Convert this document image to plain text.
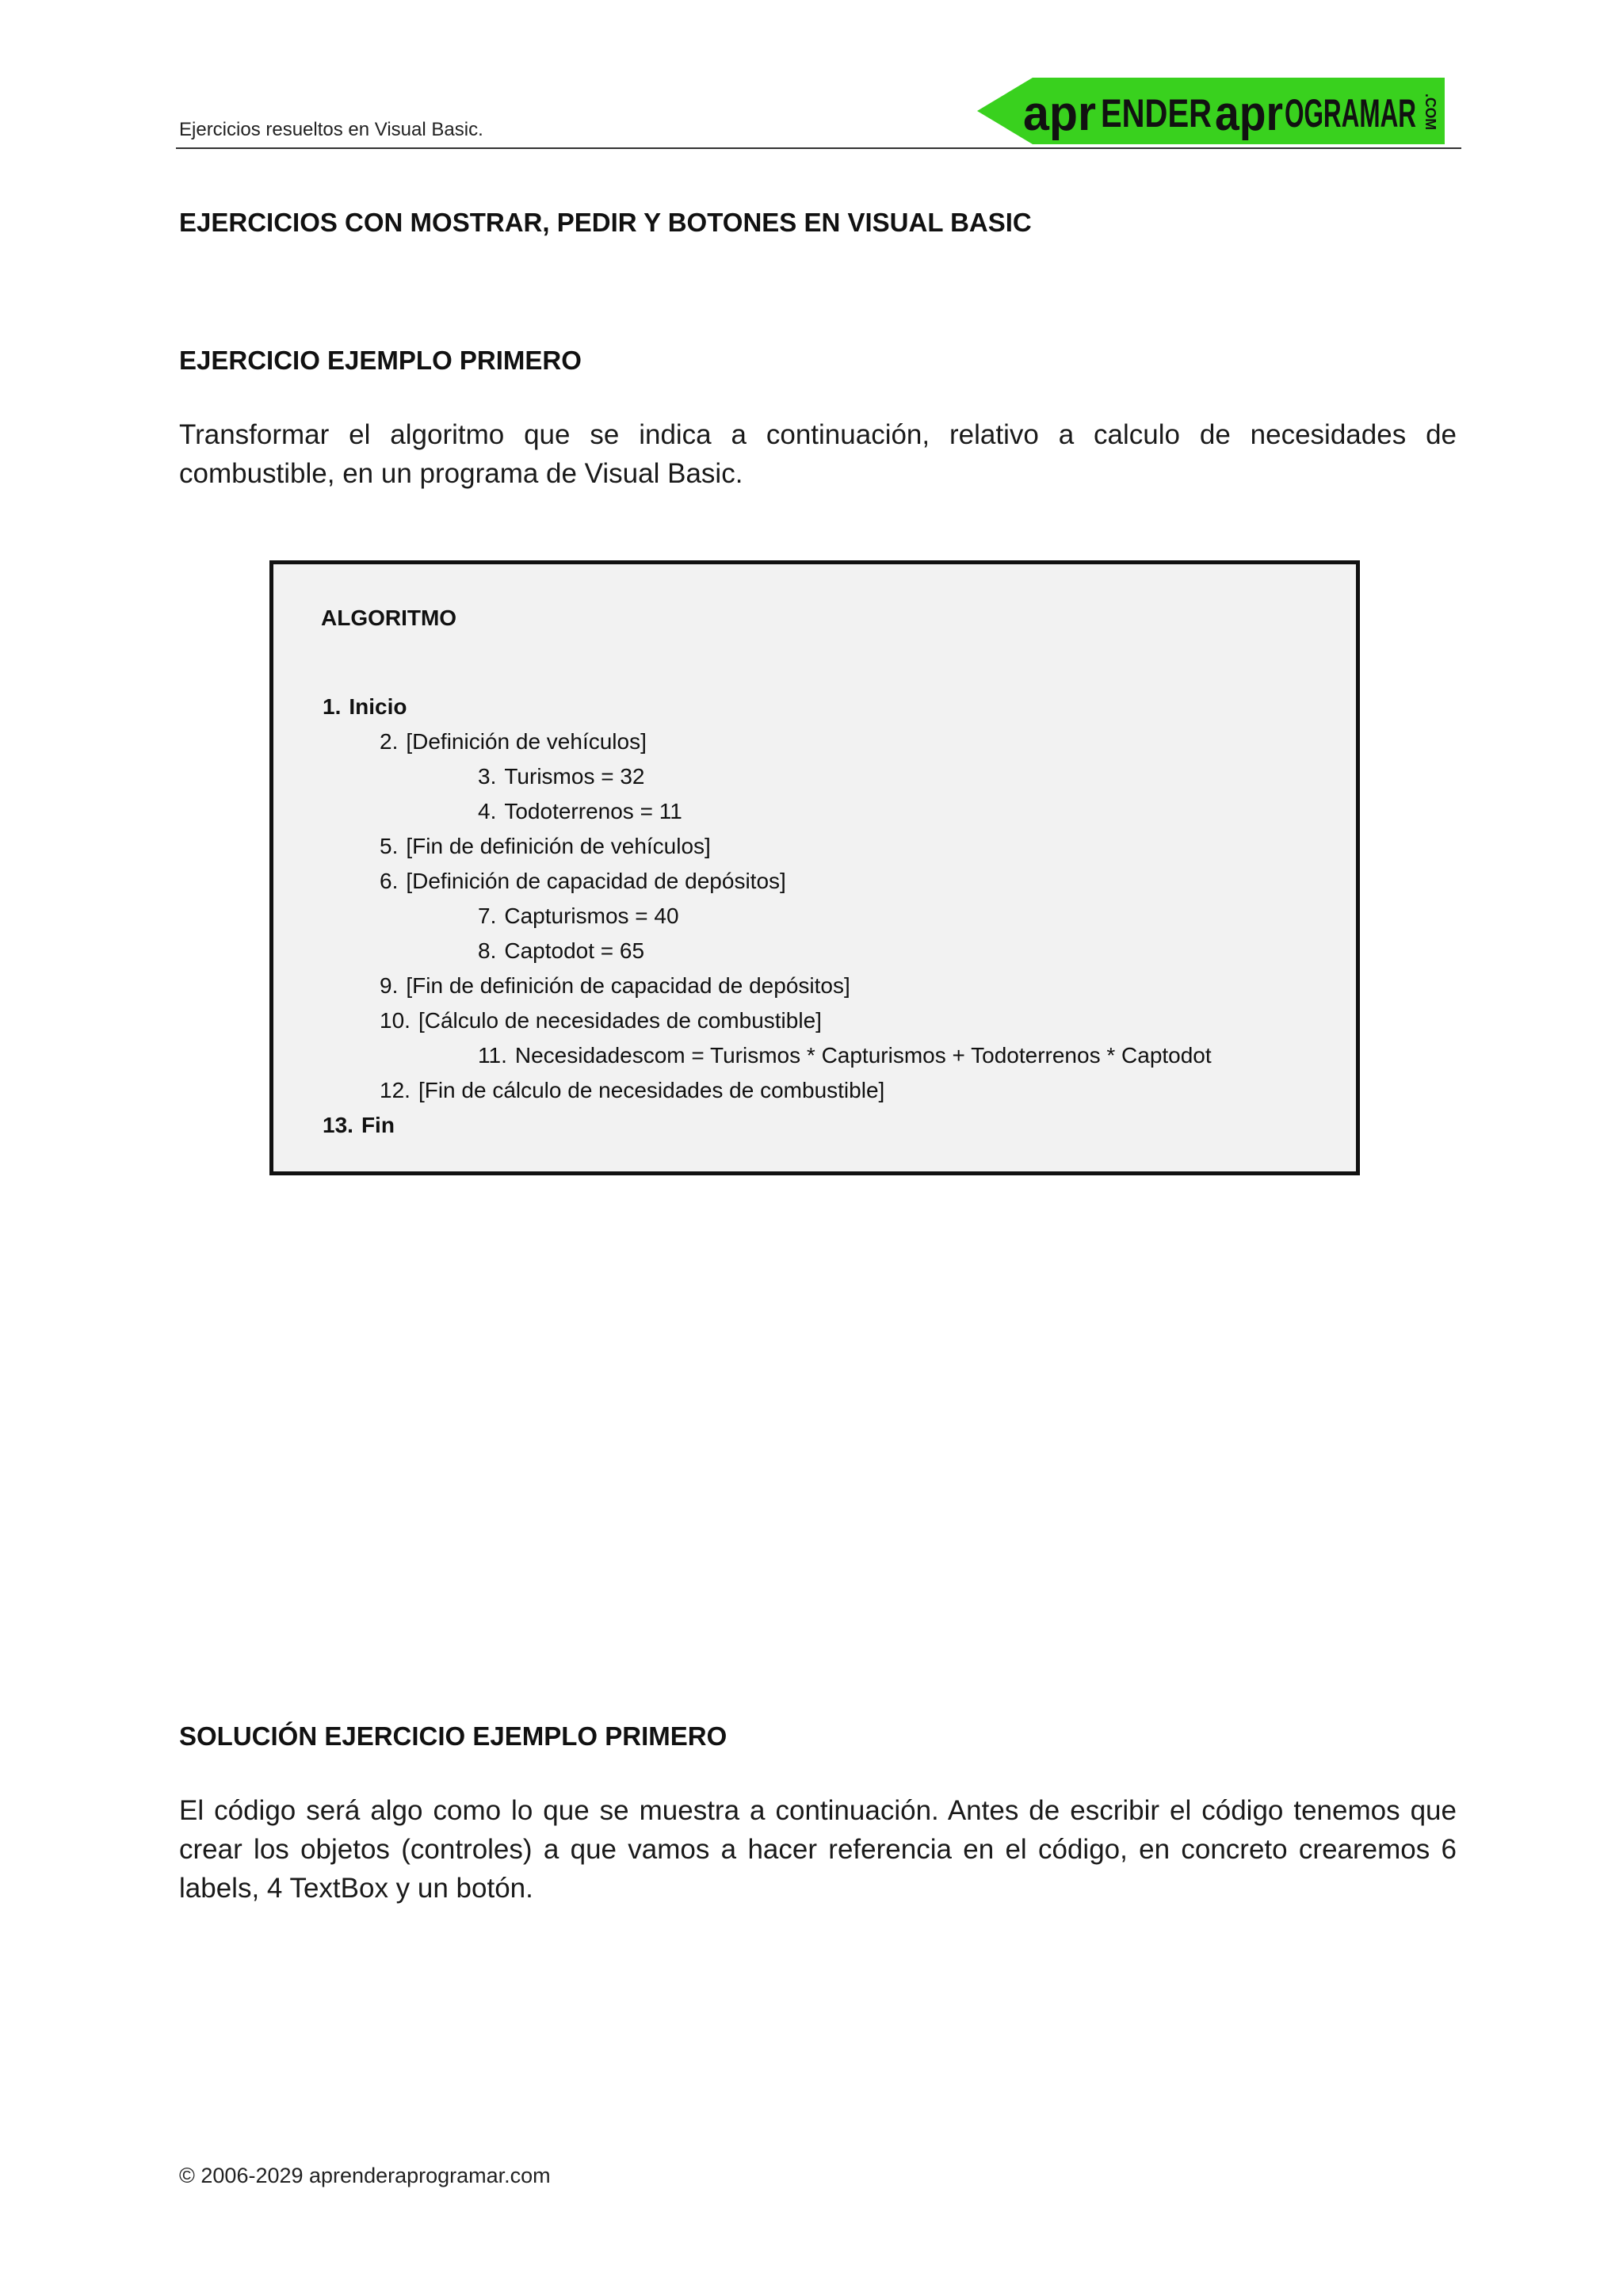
Ejercicios resueltos en Visual Basic.	apr ENDER apr OGRAMAR .COM
EJERCICIOS CON MOSTRAR, PEDIR Y BOTONES EN VISUAL BASIC
EJERCICIO EJEMPLO PRIMERO
Transformar el algoritmo que se indica a continuación, relativo a calculo de necesidades de
combustible, en un programa de Visual Basic.
ALGORITMO
1. Inicio
2. [Definición de vehículos]
3. Turismos = 32
4. Todoterrenos = 11
5. [Fin de definición de vehículos]
6. [Definición de capacidad de depósitos]
7. Capturismos = 40
8. Captodot = 65
9. [Fin de definición de capacidad de depósitos]
10. [Cálculo de necesidades de combustible]
11. Necesidadescom = Turismos * Capturismos + Todoterrenos * Captodot
12. [Fin de cálculo de necesidades de combustible]
13. Fin
SOLUCIÓN EJERCICIO EJEMPLO PRIMERO
El código será algo como lo que se muestra a continuación. Antes de escribir el código tenemos que
crear los objetos (controles) a que vamos a hacer referencia en el código, en concreto crearemos 6
labels, 4 TextBox y un botón.
© 2006-2029 aprenderaprogramar.com
